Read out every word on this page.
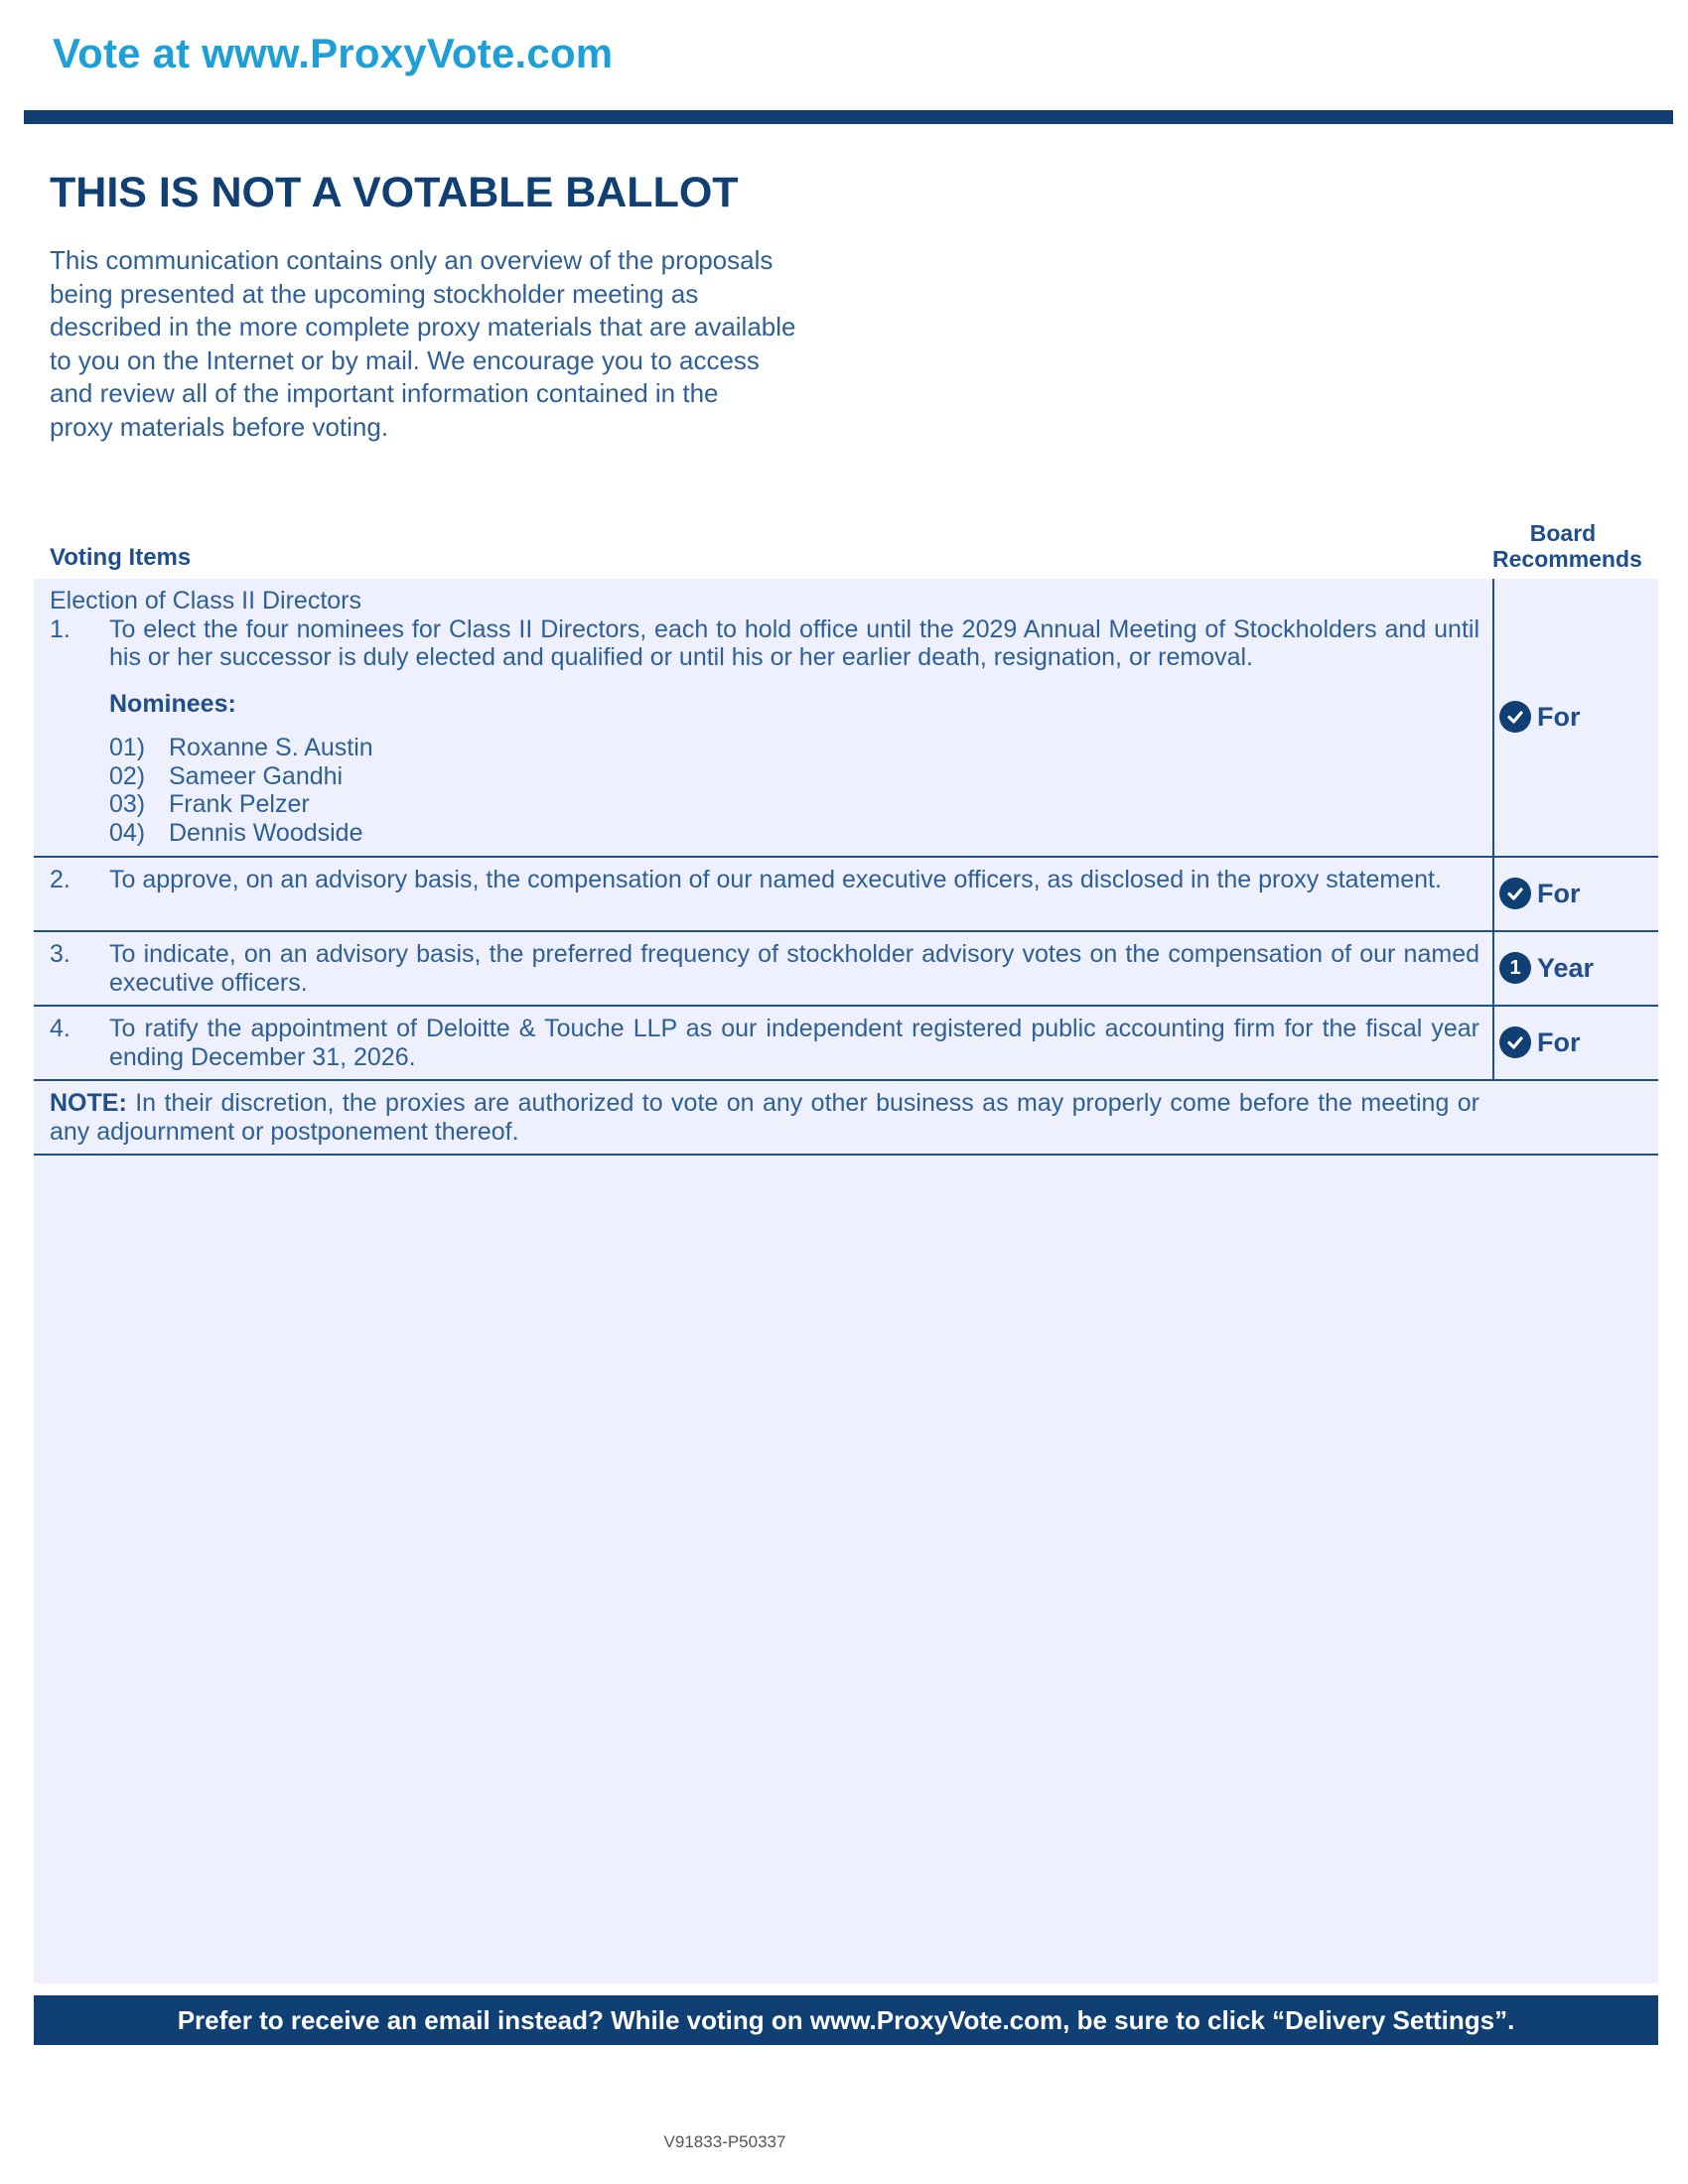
Vote at www.ProxyVote.com
THIS IS NOT A VOTABLE BALLOT
This communication contains only an overview of the proposals
being presented at the upcoming stockholder meeting as
described in the more complete proxy materials that are available
to you on the Internet or by mail. We encourage you to access
and review all of the important information contained in the
proxy materials before voting.
Voting Items
Board
Recommends
Election of Class II Directors
1. To elect the four nominees for Class II Directors, each to hold office until the 2029 Annual Meeting of Stockholders and until his or her successor is duly elected and qualified or until his or her earlier death, resignation, or removal.
Nominees:
01) Roxanne S. Austin
02) Sameer Gandhi
03) Frank Pelzer
04) Dennis Woodside
For
2. To approve, on an advisory basis, the compensation of our named executive officers, as disclosed in the proxy statement.	For
3. To indicate, on an advisory basis, the preferred frequency of stockholder advisory votes on the compensation of our named executive officers.
1 Year
4. To ratify the appointment of Deloitte & Touche LLP as our independent registered public accounting firm for the fiscal year ending December 31, 2026.	For
NOTE: In their discretion, the proxies are authorized to vote on any other business as may properly come before the meeting or any adjournment or postponement thereof.
Prefer to receive an email instead? While voting on www.ProxyVote.com, be sure to click “Delivery Settings”.
V91833-P50337
